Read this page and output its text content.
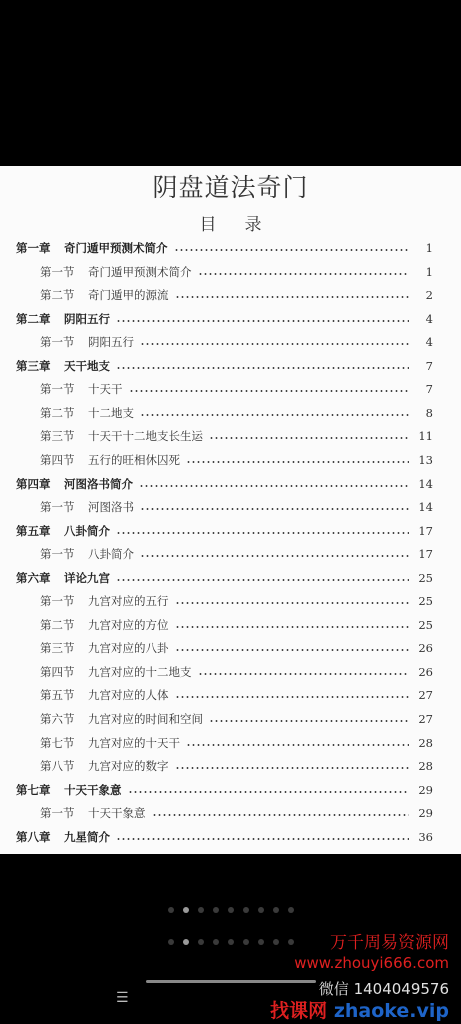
阴盘道法奇门
目录
第一章	奇门遁甲预测术简介	1
第一节	奇门遁甲预测术简介	1
第二节	奇门遁甲的源流	2
第二章	阴阳五行	4
第一节	阴阳五行	4
第三章	天干地支	7
第一节	十天干	7
第二节	十二地支	8
第三节	十天干十二地支长生运	11
第四节	五行的旺相休囚死	13
第四章	河图洛书简介	14
第一节	河图洛书	14
第五章	八卦简介	17
第一节	八卦简介	17
第六章	详论九宫	25
第一节	九宫对应的五行	25
第二节	九宫对应的方位	25
第三节	九宫对应的八卦	26
第四节	九宫对应的十二地支	26
第五节	九宫对应的人体	27
第六节	九宫对应的时间和空间	27
第七节	九宫对应的十天干	28
第八节	九宫对应的数字	28
第七章	十天干象意	29
第一节	十天干象意	29
第八章	九星简介	36
☰
万千周易资源网
www.zhouyi666.com
微信 1404049576
找课网 zhaoke.vip
